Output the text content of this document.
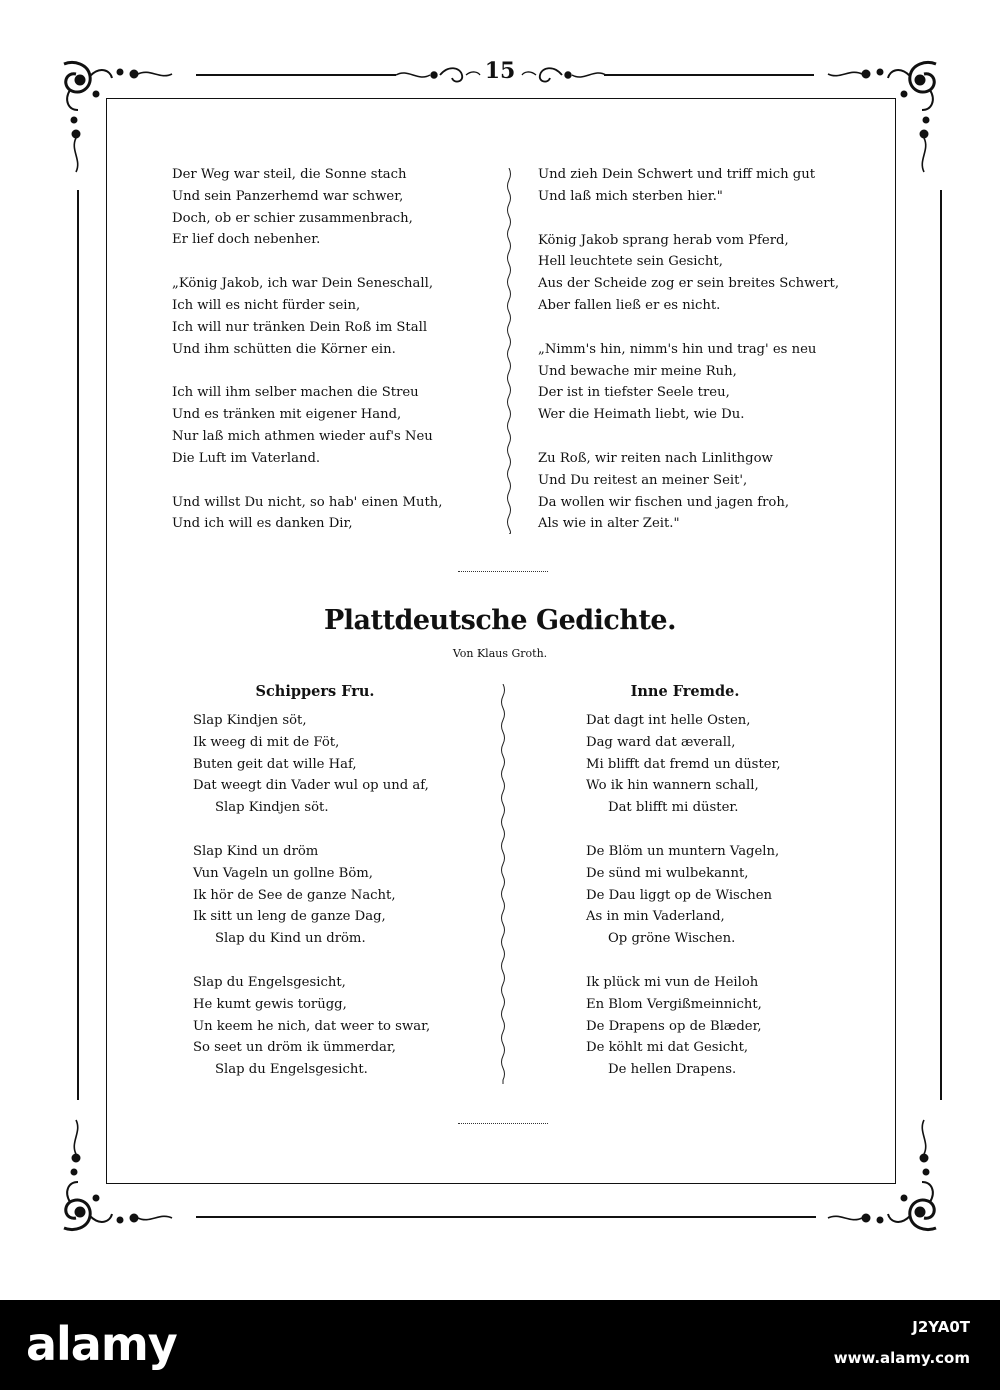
15
Der Weg war steil, die Sonne stach
Und sein Panzerhemd war schwer,
Doch, ob er schier zusammenbrach,
Er lief doch nebenher.
„König Jakob, ich war Dein Seneschall,
Ich will es nicht fürder sein,
Ich will nur tränken Dein Roß im Stall
Und ihm schütten die Körner ein.
Ich will ihm selber machen die Streu
Und es tränken mit eigener Hand,
Nur laß mich athmen wieder auf's Neu
Die Luft im Vaterland.
Und willst Du nicht, so hab' einen Muth,
Und ich will es danken Dir,
Und zieh Dein Schwert und triff mich gut
Und laß mich sterben hier."
König Jakob sprang herab vom Pferd,
Hell leuchtete sein Gesicht,
Aus der Scheide zog er sein breites Schwert,
Aber fallen ließ er es nicht.
„Nimm's hin, nimm's hin und trag' es neu
Und bewache mir meine Ruh,
Der ist in tiefster Seele treu,
Wer die Heimath liebt, wie Du.
Zu Roß, wir reiten nach Linlithgow
Und Du reitest an meiner Seit',
Da wollen wir fischen und jagen froh,
Als wie in alter Zeit."
Plattdeutsche Gedichte.
Von Klaus Groth.
Schippers Fru.	Inne Fremde.
Slap Kindjen söt,
Ik weeg di mit de Föt,
Buten geit dat wille Haf,
Dat weegt din Vader wul op und af,
Slap Kindjen söt.
Slap Kind un dröm
Vun Vageln un gollne Böm,
Ik hör de See de ganze Nacht,
Ik sitt un leng de ganze Dag,
Slap du Kind un dröm.
Slap du Engelsgesicht,
He kumt gewis torügg,
Un keem he nich, dat weer to swar,
So seet un dröm ik ümmerdar,
Slap du Engelsgesicht.
Dat dagt int helle Osten,
Dag ward dat æverall,
Mi blifft dat fremd un düster,
Wo ik hin wannern schall,
Dat blifft mi düster.
De Blöm un muntern Vageln,
De sünd mi wulbekannt,
De Dau liggt op de Wischen
As in min Vaderland,
Op gröne Wischen.
Ik plück mi vun de Heiloh
En Blom Vergißmeinnicht,
De Drapens op de Blæder,
De köhlt mi dat Gesicht,
De hellen Drapens.
alamy	J2YA0T
www.alamy.com
